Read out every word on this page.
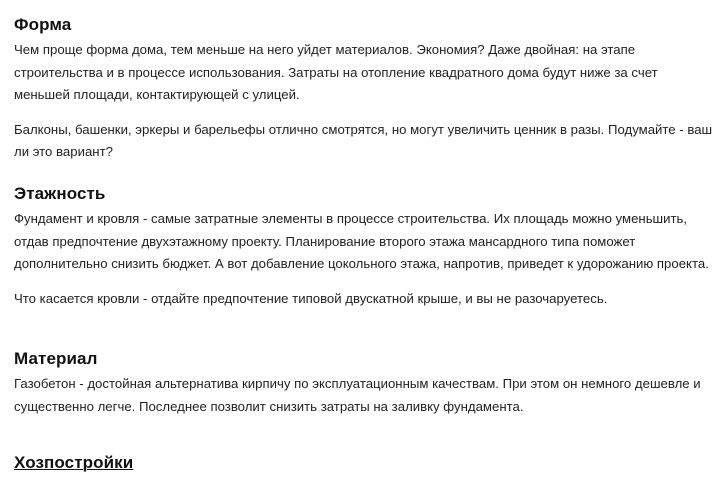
Форма

Чем проще форма дома, тем меньше на него уйдет материалов. Экономия? Даже двойная: на этапе строительства и в процессе использования. Затраты на отопление квадратного дома будут ниже за счет меньшей площади, контактирующей с улицей.

Балконы, башенки, эркеры и барельефы отлично смотрятся, но могут увеличить ценник в разы. Подумайте - ваш ли это вариант?

Этажность

Фундамент и кровля - самые затратные элементы в процессе строительства. Их площадь можно уменьшить, отдав предпочтение двухэтажному проекту. Планирование второго этажа мансардного типа поможет дополнительно снизить бюджет. А вот добавление цокольного этажа, напротив, приведет к удорожанию проекта.

Что касается кровли - отдайте предпочтение типовой двускатной крыше, и вы не разочаруетесь.

Материал

Газобетон - достойная альтернатива кирпичу по эксплуатационным качествам. При этом он немного дешевле и существенно легче. Последнее позволит снизить затраты на заливку фундамента.

Хозпостройки
